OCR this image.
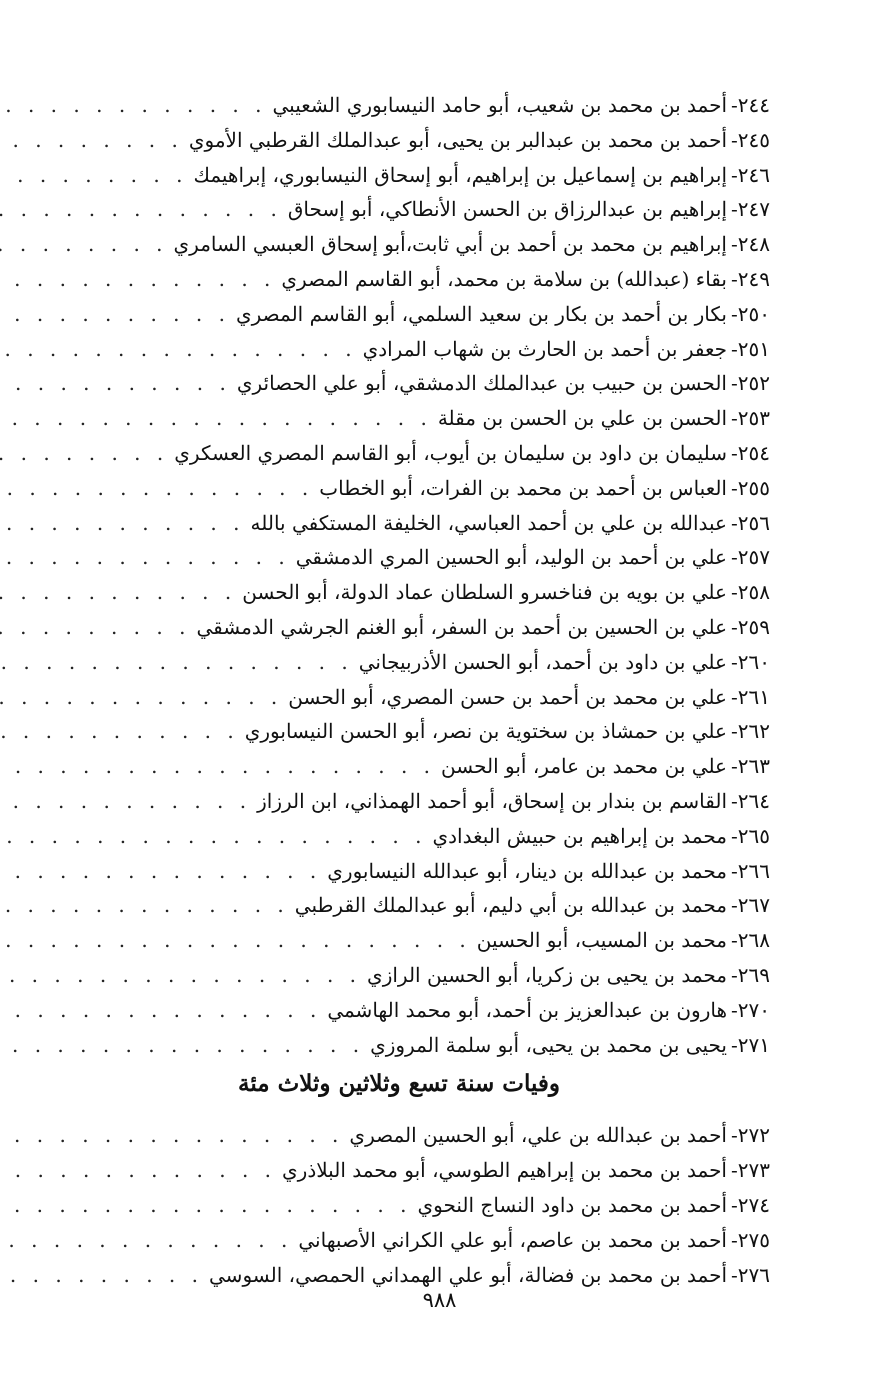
٢٤٤-
أحمد بن محمد بن شعيب، أبو حامد النيسابوري الشعيبي
. . .
٢٤٥-
أحمد بن محمد بن عبدالبر بن يحيى، أبو عبدالملك القرطبي الأموي
. . .
٢٤٦-
إبراهيم بن إسماعيل بن إبراهيم، أبو إسحاق النيسابوري، إبراهيمك
. . .
٢٤٧-
إبراهيم بن عبدالرزاق بن الحسن الأنطاكي، أبو إسحاق
. . .
٢٤٨-
إبراهيم بن محمد بن أحمد بن أبي ثابت،أبو إسحاق العبسي السامري
. . .
٢٤٩-
بقاء (عبدالله) بن سلامة بن محمد، أبو القاسم المصري
. . .
٢٥٠-
بكار بن أحمد بن بكار بن سعيد السلمي، أبو القاسم المصري
. . .
٢٥١-
جعفر بن أحمد بن الحارث بن شهاب المرادي
. . .
٢٥٢-
الحسن بن حبيب بن عبدالملك الدمشقي، أبو علي الحصائري
. . .
٢٥٣-
الحسن بن علي بن الحسن بن مقلة
. . .
٢٥٤-
سليمان بن داود بن سليمان بن أيوب، أبو القاسم المصري العسكري
. . .
٢٥٥-
العباس بن أحمد بن محمد بن الفرات، أبو الخطاب
. . .
٢٥٦-
عبدالله بن علي بن أحمد العباسي، الخليفة المستكفي بالله
. . .
٢٥٧-
علي بن أحمد بن الوليد، أبو الحسين المري الدمشقي
. . .
٢٥٨-
علي بن بويه بن فناخسرو السلطان عماد الدولة، أبو الحسن
. . .
٢٥٩-
علي بن الحسين بن أحمد بن السفر، أبو الغنم الجرشي الدمشقي
. . .
٢٦٠-
علي بن داود بن أحمد، أبو الحسن الأذربيجاني
. . .
٢٦١-
علي بن محمد بن أحمد بن حسن المصري، أبو الحسن
. . .
٢٦٢-
علي بن حمشاذ بن سختوية بن نصر، أبو الحسن النيسابوري
. . .
٢٦٣-
علي بن محمد بن عامر، أبو الحسن
. . .
٢٦٤-
القاسم بن بندار بن إسحاق، أبو أحمد الهمذاني، ابن الرزاز
. . .
٢٦٥-
محمد بن إبراهيم بن حبيش البغدادي
. . .
٢٦٦-
محمد بن عبدالله بن دينار، أبو عبدالله النيسابوري
. . .
٢٦٧-
محمد بن عبدالله بن أبي دليم، أبو عبدالملك القرطبي
. . .
٢٦٨-
محمد بن المسيب، أبو الحسين
. . .
٢٦٩-
محمد بن يحيى بن زكريا، أبو الحسين الرازي
. . .
٢٧٠-
هارون بن عبدالعزيز بن أحمد، أبو محمد الهاشمي
. . .
٢٧١-
يحيى بن محمد بن يحيى، أبو سلمة المروزي
. . .
وفيات سنة تسع وثلاثين وثلاث مئة
٢٧٢-
أحمد بن عبدالله بن علي، أبو الحسين المصري
. . .
٢٧٣-
أحمد بن محمد بن إبراهيم الطوسي، أبو محمد البلاذري
. . .
٢٧٤-
أحمد بن محمد بن داود النساج النحوي
. . .
٢٧٥-
أحمد بن محمد بن عاصم، أبو علي الكراني الأصبهاني
. . .
٢٧٦-
أحمد بن محمد بن فضالة، أبو علي الهمداني الحمصي، السوسي
. . .
٩٨٨
